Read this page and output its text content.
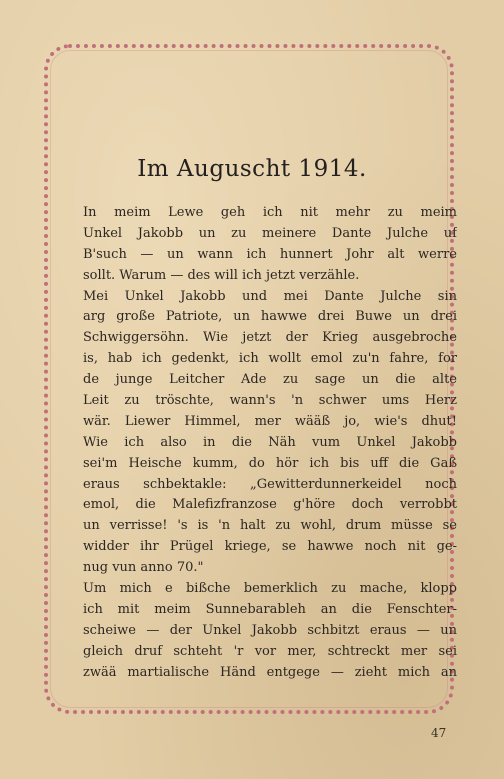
Im Auguscht 1914.
In meim Lewe geh ich nit mehr zu meim
Unkel Jakobb un zu meinere Dante Julche uf
B'such — un wann ich hunnert Johr alt werre
sollt. Warum — des will ich jetzt verzähle.
Mei Unkel Jakobb und mei Dante Julche sin
arg große Patriote, un hawwe drei Buwe un drei
Schwiggersöhn. Wie jetzt der Krieg ausgebroche
is, hab ich gedenkt, ich wollt emol zu'n fahre, for
de junge Leitcher Ade zu sage un die alte
Leit zu tröschte, wann's 'n schwer ums Herz
wär. Liewer Himmel, mer wääß jo, wie's dhut!
Wie ich also in die Näh vum Unkel Jakobb
sei'm Heische kumm, do hör ich bis uff die Gaß
eraus schbektakle: „Gewitterdunnerkeidel noch
emol, die Malefizfranzose g'höre doch verrobbt
un verrisse! 's is 'n halt zu wohl, drum müsse se
widder ihr Prügel kriege, se hawwe noch nit ge-
nug vun anno 70."
Um mich e bißche bemerklich zu mache, klopp
ich mit meim Sunnebarableh an die Fenschter-
scheiwe — der Unkel Jakobb schbitzt eraus — un
gleich druf schteht 'r vor mer, schtreckt mer sei
zwää martialische Händ entgege — zieht mich an
47
